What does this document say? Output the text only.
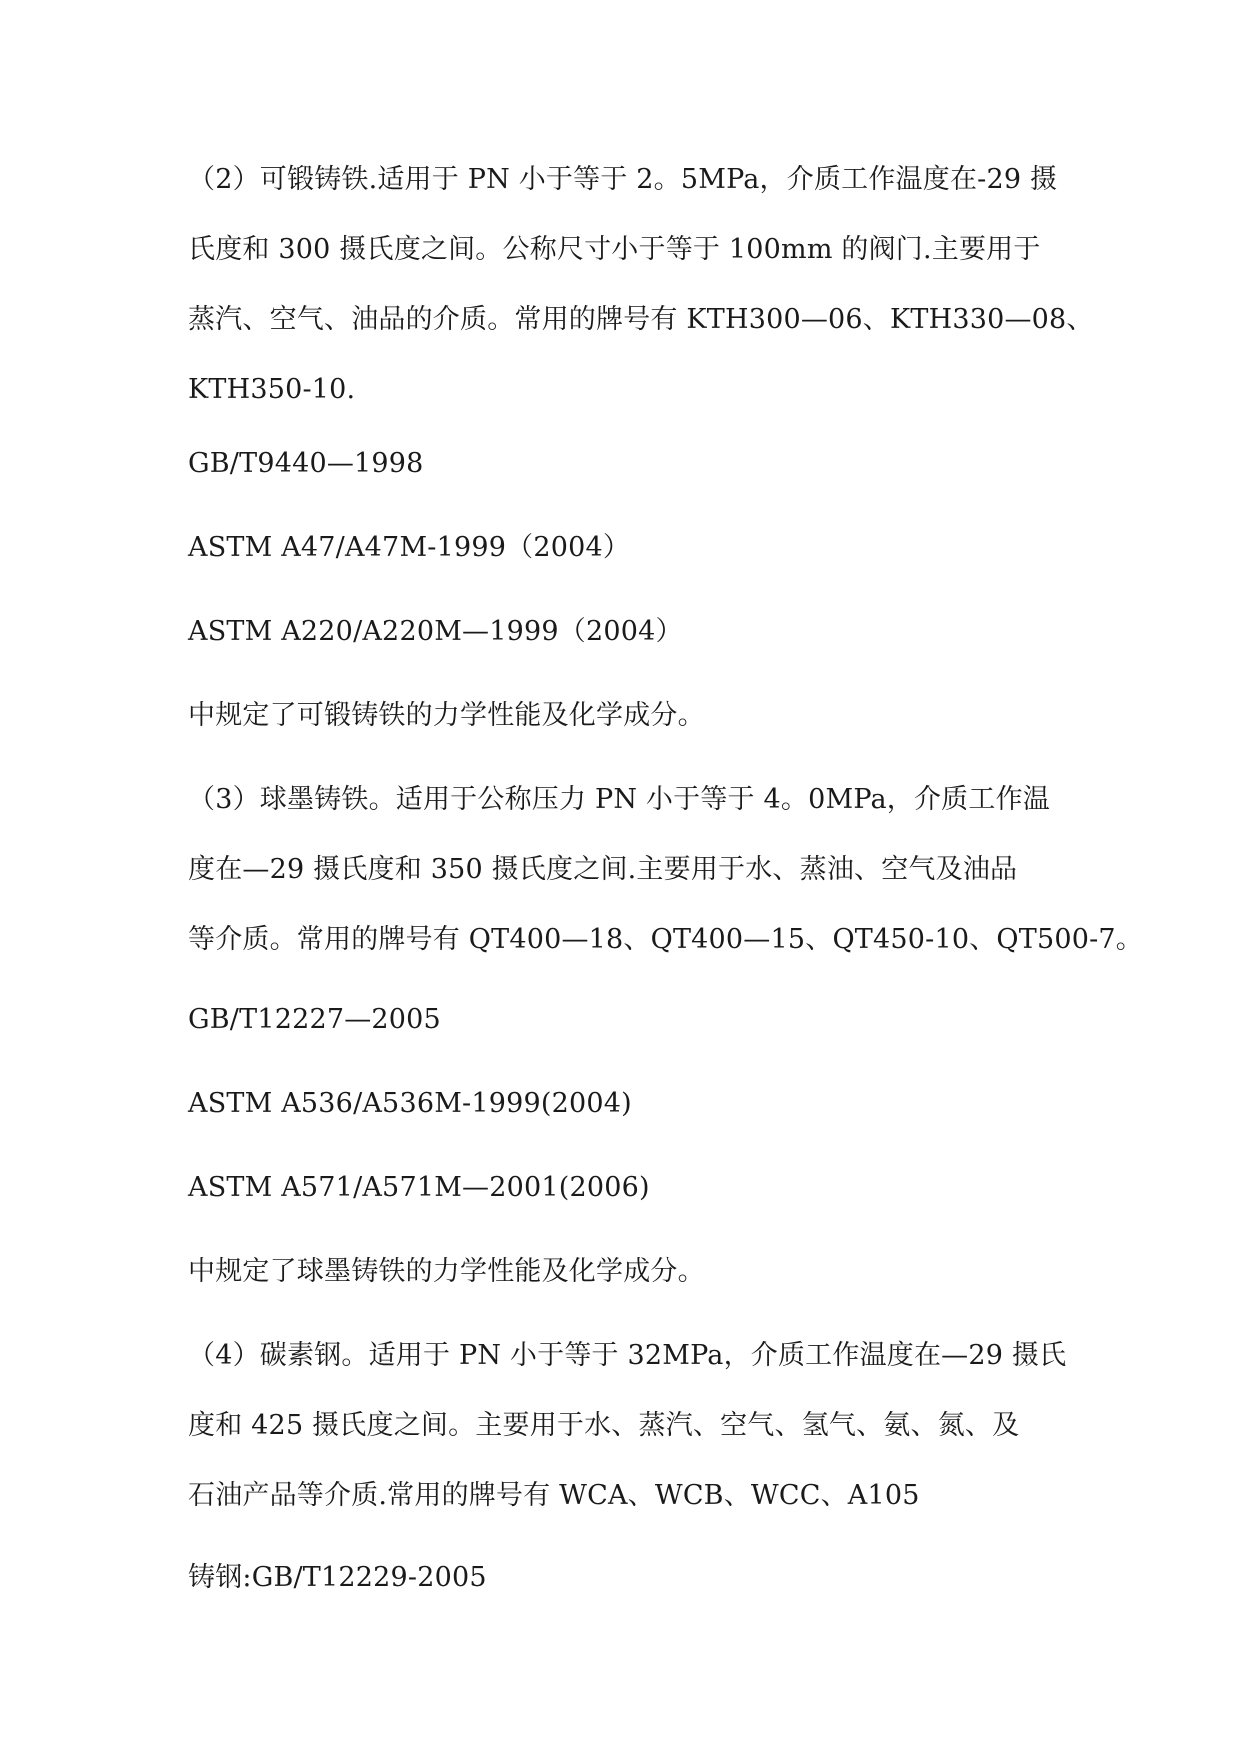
（2）可锻铸铁.适用于 PN 小于等于 2。5MPa，介质工作温度在-29 摄
氏度和 300 摄氏度之间。公称尺寸小于等于 100mm 的阀门.主要用于
蒸汽、空气、油品的介质。常用的牌号有 KTH300—06、KTH330—08、
KTH350-10.
GB/T9440—1998
ASTM A47/A47M-1999（2004）
ASTM A220/A220M—1999（2004）
中规定了可锻铸铁的力学性能及化学成分。
（3）球墨铸铁。适用于公称压力 PN 小于等于 4。0MPa，介质工作温
度在—29 摄氏度和 350 摄氏度之间.主要用于水、蒸油、空气及油品
等介质。常用的牌号有 QT400—18、QT400—15、QT450-10、QT500-7。
GB/T12227—2005
ASTM A536/A536M-1999(2004)
ASTM A571/A571M—2001(2006)
中规定了球墨铸铁的力学性能及化学成分。
（4）碳素钢。适用于 PN 小于等于 32MPa，介质工作温度在—29 摄氏
度和 425 摄氏度之间。主要用于水、蒸汽、空气、氢气、氨、氮、及
石油产品等介质.常用的牌号有 WCA、WCB、WCC、A105
铸钢:GB/T12229-2005
